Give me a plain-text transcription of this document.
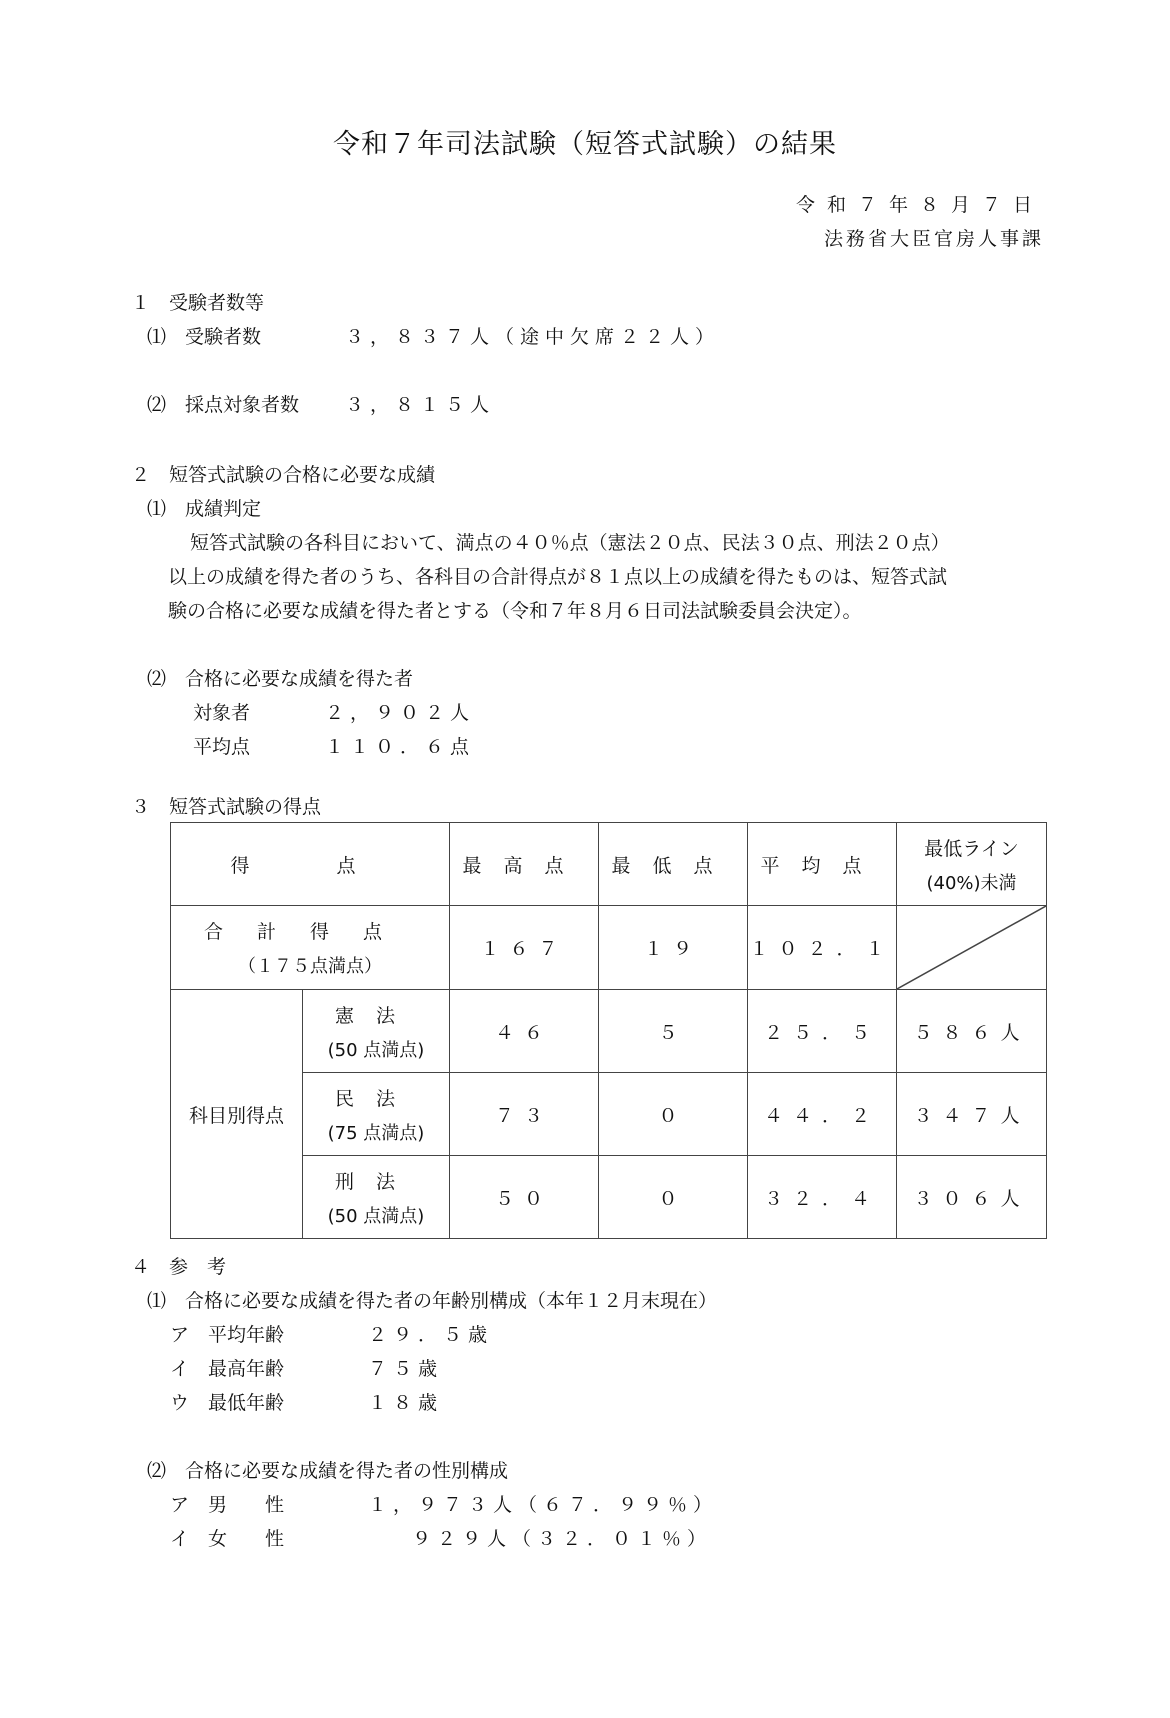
令和７年司法試験（短答式試験）の結果
令和７年８月７日
法務省大臣官房人事課
１　受験者数等
⑴　受験者数	３，８３７人（途中欠席２２人）
⑵　採点対象者数 ３，８１５人
２　短答式試験の合格に必要な成績
⑴　成績判定
短答式試験の各科目において、満点の４０％点（憲法２０点、民法３０点、刑法２０点）
以上の成績を得た者のうち、各科目の合計得点が８１点以上の成績を得たものは、短答式試
験の合格に必要な成績を得た者とする（令和７年８月６日司法試験委員会決定）。
⑵　合格に必要な成績を得た者
対象者	２，９０２人
平均点	１１０．６点
３　短答式試験の得点
得　点		最高点	最低点	平均点	最低ライン
(40%)未満

合計得点
（１７５点満点）		１６７	１９	１０２．１	

科目別得点	憲法
(50 点満点)	４６	５	２５．５	５８６人

	民法
(75 点満点)	７３	０	４４．２	３４７人

	刑法
(50 点満点)	５０	０	３２．４	３０６人
４　参　考
⑴　合格に必要な成績を得た者の年齢別構成（本年１２月末現在）
ア　平均年齢	２９．５歳
イ　最高年齢	７５歳
ウ　最低年齢	１８歳
⑵　合格に必要な成績を得た者の性別構成
ア　男　　性	１，９７３人（６７．９９％）
イ　女　　性	９２９人（３２．０１％）
